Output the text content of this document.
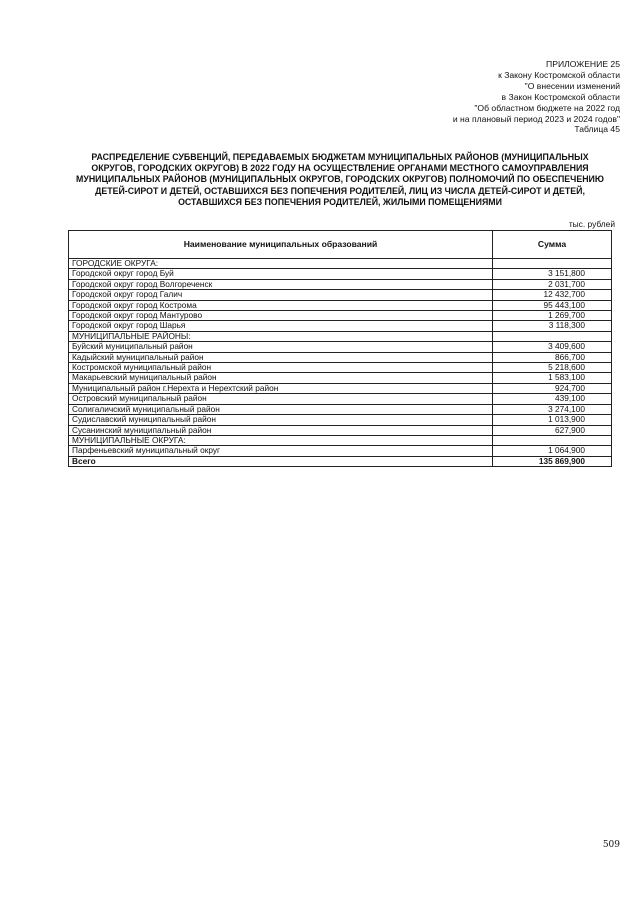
ПРИЛОЖЕНИЕ 25
к Закону Костромской области
"О внесении изменений
в Закон Костромской области
"Об областном бюджете на 2022 год
и на плановый период 2023 и 2024 годов"
Таблица 45
РАСПРЕДЕЛЕНИЕ СУБВЕНЦИЙ, ПЕРЕДАВАЕМЫХ БЮДЖЕТАМ МУНИЦИПАЛЬНЫХ РАЙОНОВ (МУНИЦИПАЛЬНЫХ ОКРУГОВ, ГОРОДСКИХ ОКРУГОВ) В 2022 ГОДУ НА ОСУЩЕСТВЛЕНИЕ ОРГАНАМИ МЕСТНОГО САМОУПРАВЛЕНИЯ МУНИЦИПАЛЬНЫХ РАЙОНОВ (МУНИЦИПАЛЬНЫХ ОКРУГОВ, ГОРОДСКИХ ОКРУГОВ) ПОЛНОМОЧИЙ ПО ОБЕСПЕЧЕНИЮ ДЕТЕЙ-СИРОТ И ДЕТЕЙ, ОСТАВШИХСЯ БЕЗ ПОПЕЧЕНИЯ РОДИТЕЛЕЙ, ЛИЦ ИЗ ЧИСЛА ДЕТЕЙ-СИРОТ И ДЕТЕЙ, ОСТАВШИХСЯ БЕЗ ПОПЕЧЕНИЯ РОДИТЕЛЕЙ, ЖИЛЫМИ ПОМЕЩЕНИЯМИ
тыс. рублей
Наименование муниципальных образований	Сумма
ГОРОДСКИЕ ОКРУГА:	
Городской округ город Буй	3 151,800
Городской округ город Волгореченск	2 031,700
Городской округ город Галич	12 432,700
Городской округ город Кострома	95 443,100
Городской округ город Мантурово	1 269,700
Городской округ город Шарья	3 118,300
МУНИЦИПАЛЬНЫЕ РАЙОНЫ:	
Буйский муниципальный район	3 409,600
Кадыйский муниципальный район	866,700
Костромской муниципальный район	5 218,600
Макарьевский муниципальный район	1 583,100
Муниципальный район г.Нерехта и Нерехтский район	924,700
Островский муниципальный район	439,100
Солигаличский муниципальный район	3 274,100
Судиславский муниципальный район	1 013,900
Сусанинский муниципальный район	627,900
МУНИЦИПАЛЬНЫЕ ОКРУГА:	
Парфеньевский муниципальный округ	1 064,900
Всего	135 869,900
509
